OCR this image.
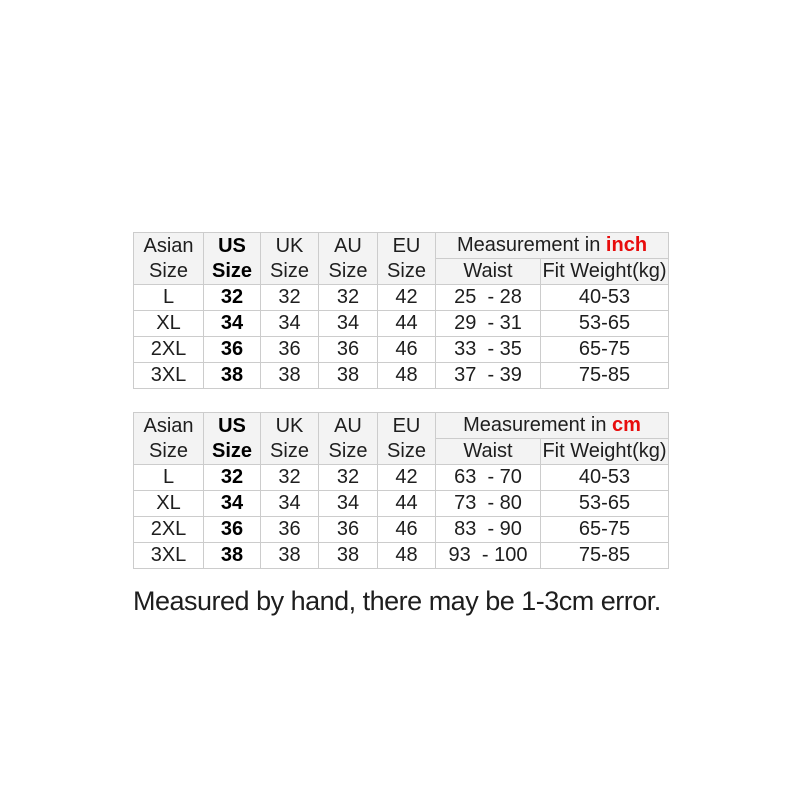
Asian Size	US Size	UK Size	AU Size	EU Size	Measurement in inch	
					Waist	Fit Weight(kg)
L	32	32	32	42	25  - 28	40-53
XL	34	34	34	44	29  - 31	53-65
2XL	36	36	36	46	33  - 35	65-75
3XL	38	38	38	48	37  - 39	75-85
Asian Size	US Size	UK Size	AU Size	EU Size	Measurement in cm	
					Waist	Fit Weight(kg)
L	32	32	32	42	63  - 70	40-53
XL	34	34	34	44	73  - 80	53-65
2XL	36	36	36	46	83  - 90	65-75
3XL	38	38	38	48	93  - 100	75-85
Measured by hand, there may be 1-3cm error.
